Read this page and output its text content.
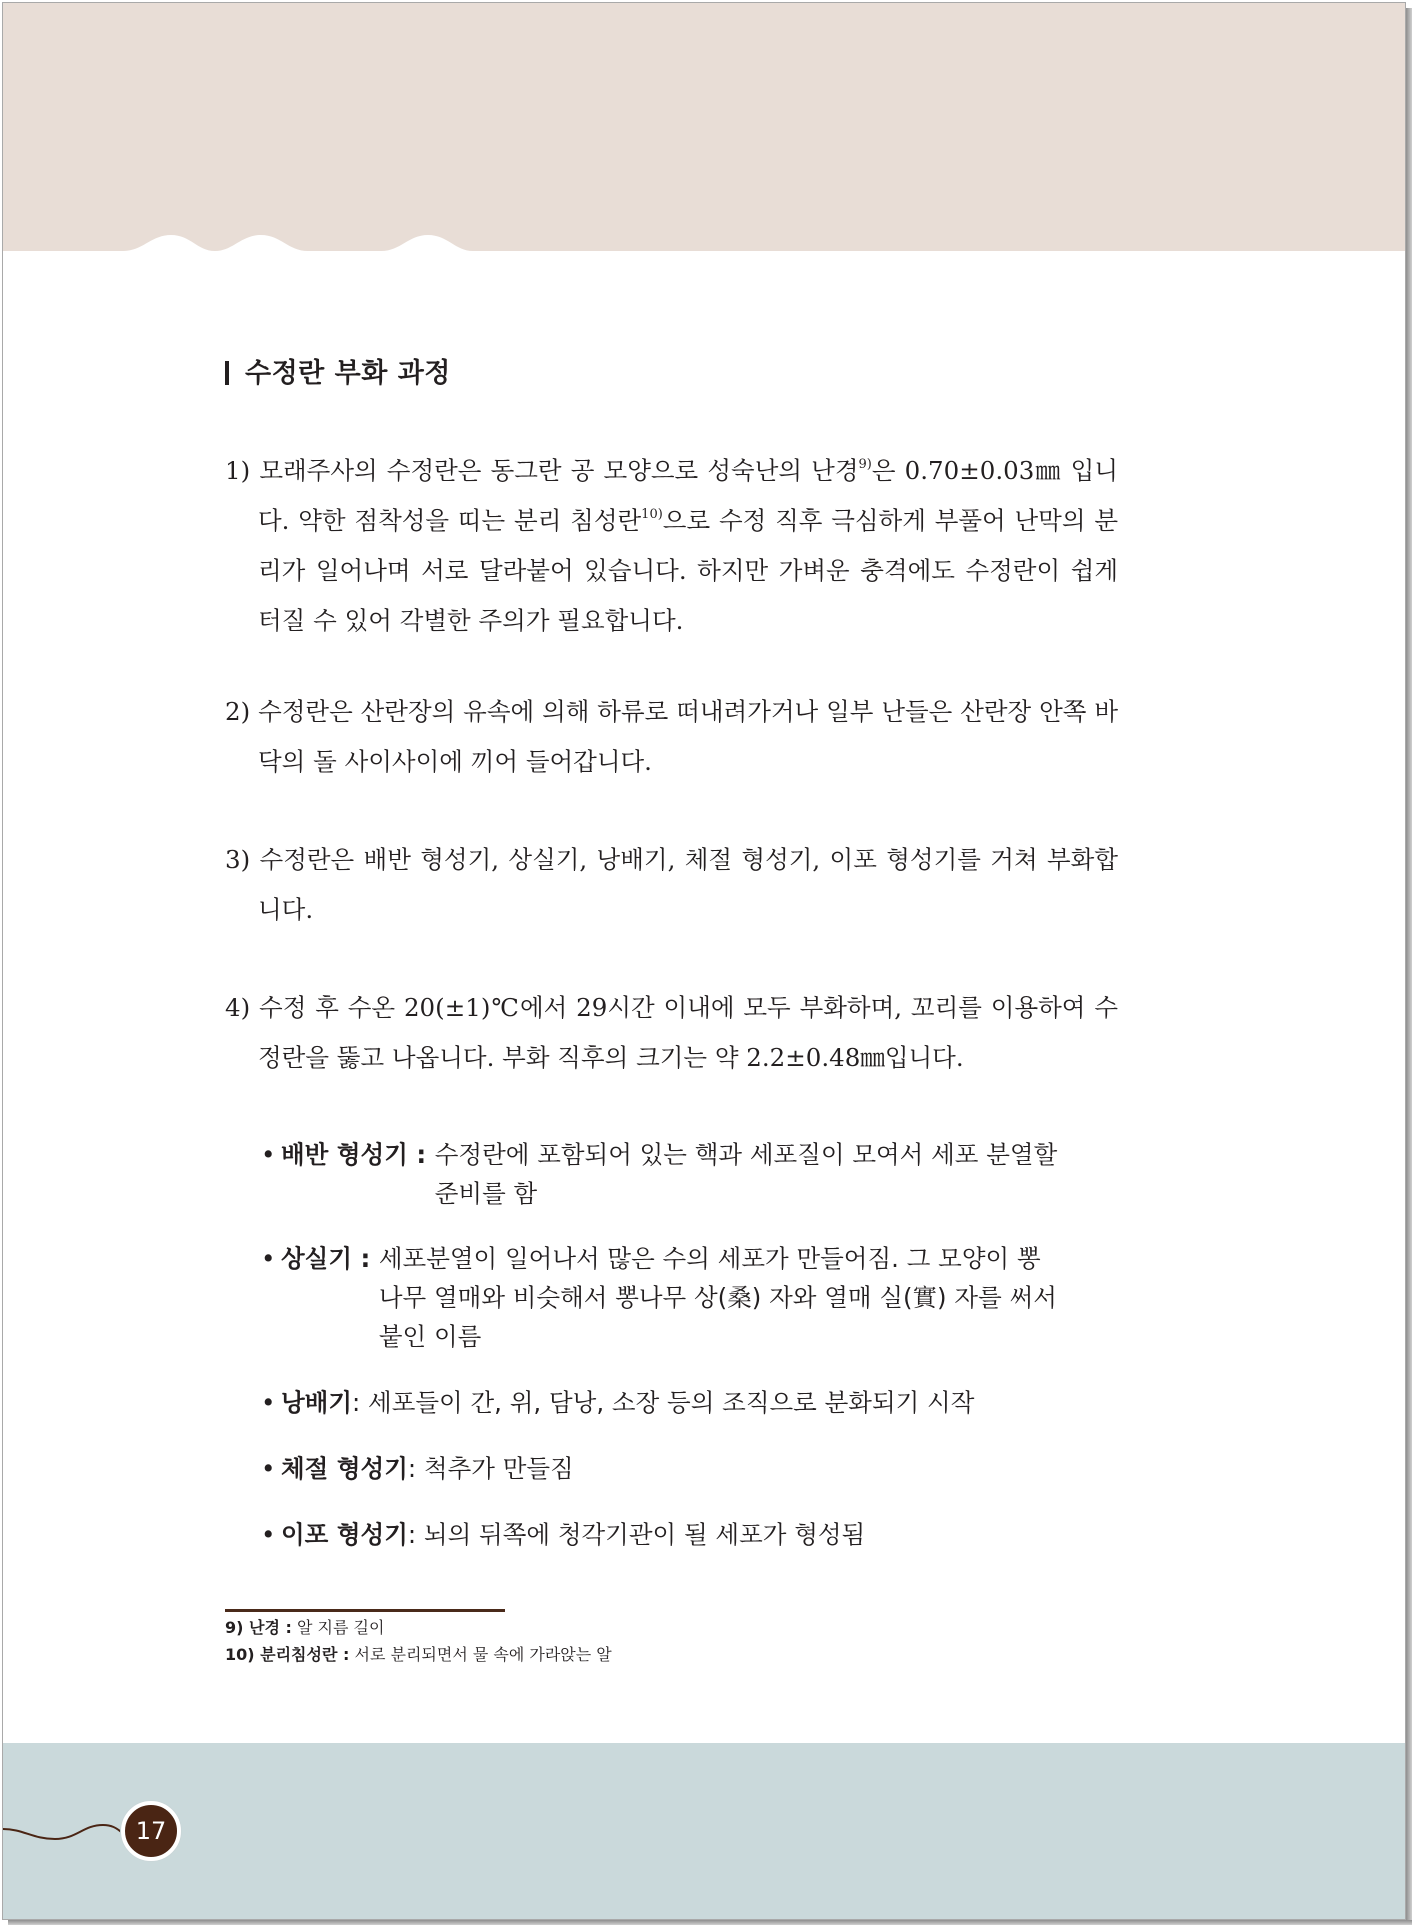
수정란 부화 과정
1) 모래주사의 수정란은 동그란 공 모양으로 성숙난의 난경$^{9)}$은 0.70±0.03㎜ 입니다. 약한 점착성을 띠는 분리 침성란$^{10)}$으로 수정 직후 극심하게 부풀어 난막의 분리가 일어나며 서로 달라붙어 있습니다. 하지만 가벼운 충격에도 수정란이 쉽게 터질 수 있어 각별한 주의가 필요합니다.
2) 수정란은 산란장의 유속에 의해 하류로 떠내려가거나 일부 난들은 산란장 안쪽 바닥의 돌 사이사이에 끼어 들어갑니다.
3) 수정란은 배반 형성기, 상실기, 낭배기, 체절 형성기, 이포 형성기를 거쳐 부화합니다.
4) 수정 후 수온 20(±1)℃에서 29시간 이내에 모두 부화하며, 꼬리를 이용하여 수정란을 뚫고 나옵니다. 부화 직후의 크기는 약 2.2±0.48㎜입니다.
• 배반 형성기 : 수정란에 포함되어 있는 핵과 세포질이 모여서 세포 분열할 준비를 함
• 상실기 : 세포분열이 일어나서 많은 수의 세포가 만들어짐. 그 모양이 뽕나무 열매와 비슷해서 뽕나무 상(桑) 자와 열매 실(實) 자를 써서 붙인 이름
• 낭배기 : 세포들이 간, 위, 담낭, 소장 등의 조직으로 분화되기 시작
• 체절 형성기 : 척추가 만들짐
• 이포 형성기 : 뇌의 뒤쪽에 청각기관이 될 세포가 형성됨
9) 난경 : 알 지름 길이
10) 분리침성란 : 서로 분리되면서 물 속에 가라앉는 알
17
